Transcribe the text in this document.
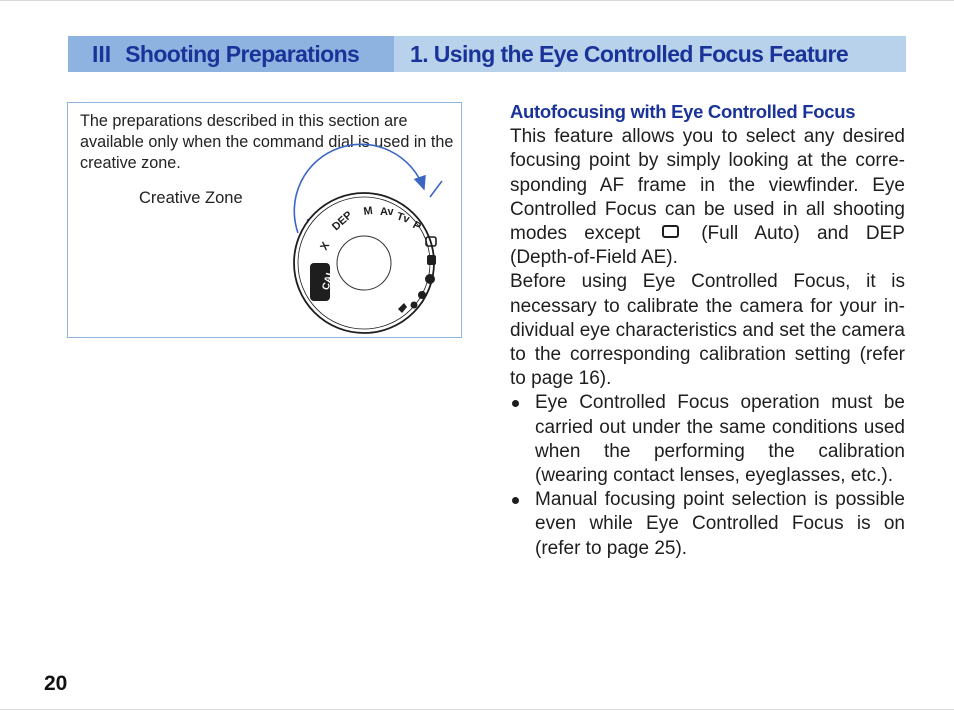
III Shooting Preparations 1. Using the Eye Controlled Focus Feature
The preparations described in this section are available only when the command dial is used in the creative zone.
Creative Zone
M Av Tv
P
DEP
X
CAL
Autofocusing with Eye Controlled Focus

This feature allows you to select any desired focusing point by simply looking at the corresponding AF frame in the viewfinder. Eye Controlled Focus can be used in all shooting modes except	(Full Auto) and DEP (Depth-of-Field AE).

Before using Eye Controlled Focus, it is necessary to calibrate the camera for your individual eye characteristics and set the camera to the corresponding calibration setting (refer to page 16).

Eye Controlled Focus operation must be carried out under the same conditions used when the performing the calibration (wearing contact lenses, eyeglasses, etc.).
Manual focusing point selection is possible even while Eye Controlled Focus is on (refer to page 25).
20
